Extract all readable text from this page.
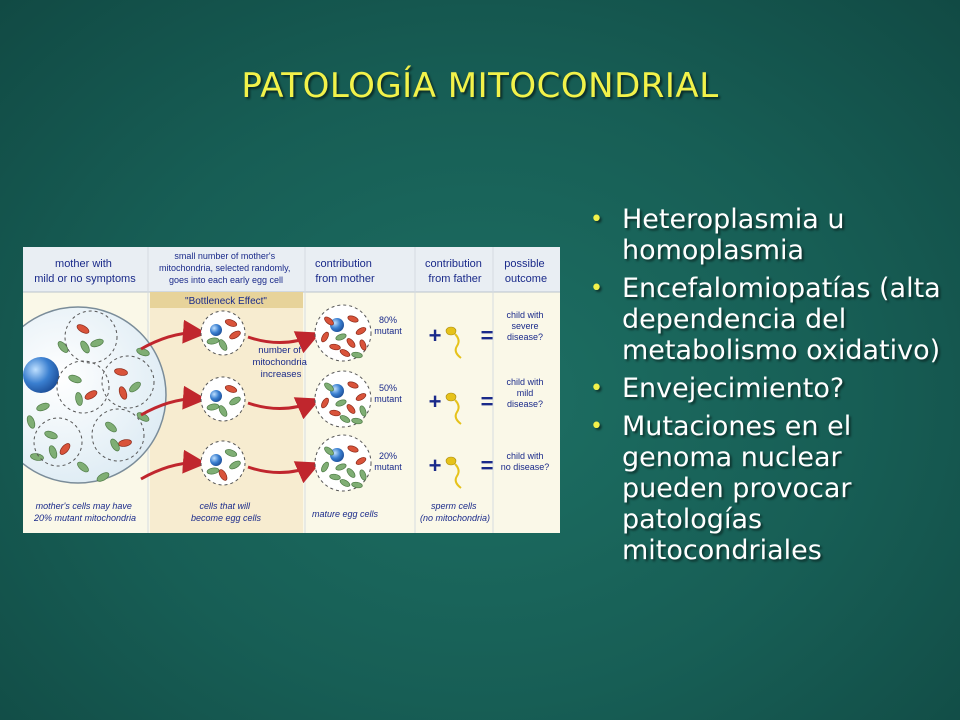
PATOLOGÍA MITOCONDRIAL
• Heteroplasmia u homoplasmia
• Encefalomiopatías (alta dependencia del metabolismo oxidativo)
• Envejecimiento?
• Mutaciones en el genoma nuclear pueden provocar patologías mitocondriales
mother with mild or no symptoms
small number of mother's mitochondria, selected randomly, goes into each early egg cell
"Bottleneck Effect"
contribution from mother
contribution from father
possible outcome
+ =
+ =
+ =
number of mitochondria increases
80% mutant
child with severe disease?
50% mutant
child with mild disease?
20% mutant
child with no disease?
mother's cells may have 20% mutant mitochondria
cells that will become egg cells	mature egg cells
sperm cells (no mitochondria)
